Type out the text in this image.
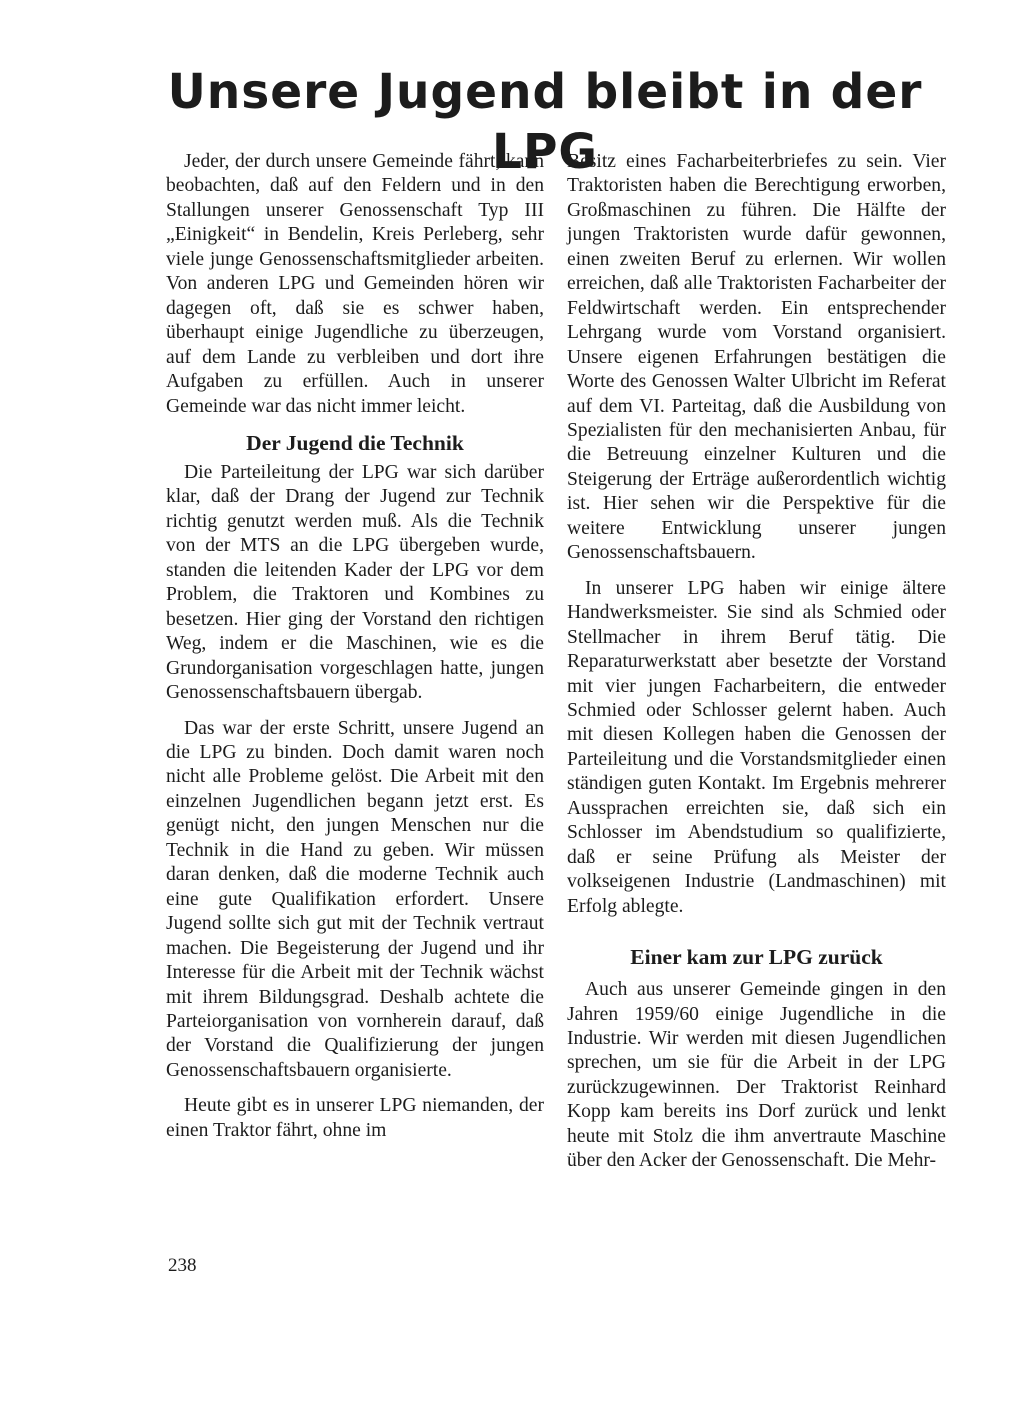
Unsere Jugend bleibt in der LPG

Jeder, der durch unsere Gemeinde fährt, kann beobachten, daß auf den Feldern und in den Stallungen unserer Genossenschaft Typ III „Einigkeit“ in Bendelin, Kreis Perleberg, sehr viele junge Genossenschaftsmitglieder arbeiten. Von anderen LPG und Gemeinden hören wir dagegen oft, daß sie es schwer haben, überhaupt einige Jugendliche zu überzeugen, auf dem Lande zu verbleiben und dort ihre Aufgaben zu erfüllen. Auch in unserer Gemeinde war das nicht immer leicht.

Der Jugend die Technik

Die Parteileitung der LPG war sich darüber klar, daß der Drang der Jugend zur Technik richtig genutzt werden muß. Als die Technik von der MTS an die LPG übergeben wurde, standen die leitenden Kader der LPG vor dem Problem, die Traktoren und Kombines zu besetzen. Hier ging der Vorstand den richtigen Weg, indem er die Maschinen, wie es die Grundorganisation vorgeschlagen hatte, jungen Genossenschaftsbauern übergab.

Das war der erste Schritt, unsere Jugend an die LPG zu binden. Doch damit waren noch nicht alle Probleme gelöst. Die Arbeit mit den einzelnen Jugendlichen begann jetzt erst. Es genügt nicht, den jungen Menschen nur die Technik in die Hand zu geben. Wir müssen daran denken, daß die moderne Technik auch eine gute Qualifikation erfordert. Unsere Jugend sollte sich gut mit der Technik vertraut machen. Die Begeisterung der Jugend und ihr Interesse für die Arbeit mit der Technik wächst mit ihrem Bildungsgrad. Deshalb achtete die Parteiorganisation von vornherein darauf, daß der Vorstand die Qualifizierung der jungen Genossenschaftsbauern organisierte.

Heute gibt es in unserer LPG niemanden, der einen Traktor fährt, ohne im

Besitz eines Facharbeiterbriefes zu sein. Vier Traktoristen haben die Berechtigung erworben, Großmaschinen zu führen. Die Hälfte der jungen Traktoristen wurde dafür gewonnen, einen zweiten Beruf zu erlernen. Wir wollen erreichen, daß alle Traktoristen Facharbeiter der Feldwirtschaft werden. Ein entsprechender Lehrgang wurde vom Vorstand organisiert. Unsere eigenen Erfahrungen bestätigen die Worte des Genossen Walter Ulbricht im Referat auf dem VI. Parteitag, daß die Ausbildung von Spezialisten für den mechanisierten Anbau, für die Betreuung einzelner Kulturen und die Steigerung der Erträge außerordentlich wichtig ist. Hier sehen wir die Perspektive für die weitere Entwicklung unserer jungen Genossenschaftsbauern.

In unserer LPG haben wir einige ältere Handwerksmeister. Sie sind als Schmied oder Stellmacher in ihrem Beruf tätig. Die Reparaturwerkstatt aber besetzte der Vorstand mit vier jungen Facharbeitern, die entweder Schmied oder Schlosser gelernt haben. Auch mit diesen Kollegen haben die Genossen der Parteileitung und die Vorstandsmitglieder einen ständigen guten Kontakt. Im Ergebnis mehrerer Aussprachen erreichten sie, daß sich ein Schlosser im Abendstudium so qualifizierte, daß er seine Prüfung als Meister der volkseigenen Industrie (Landmaschinen) mit Erfolg ablegte.

Einer kam zur LPG zurück

Auch aus unserer Gemeinde gingen in den Jahren 1959/60 einige Jugendliche in die Industrie. Wir werden mit diesen Jugendlichen sprechen, um sie für die Arbeit in der LPG zurückzugewinnen. Der Traktorist Reinhard Kopp kam bereits ins Dorf zurück und lenkt heute mit Stolz die ihm anvertraute Maschine über den Acker der Genossenschaft. Die Mehr-

238
